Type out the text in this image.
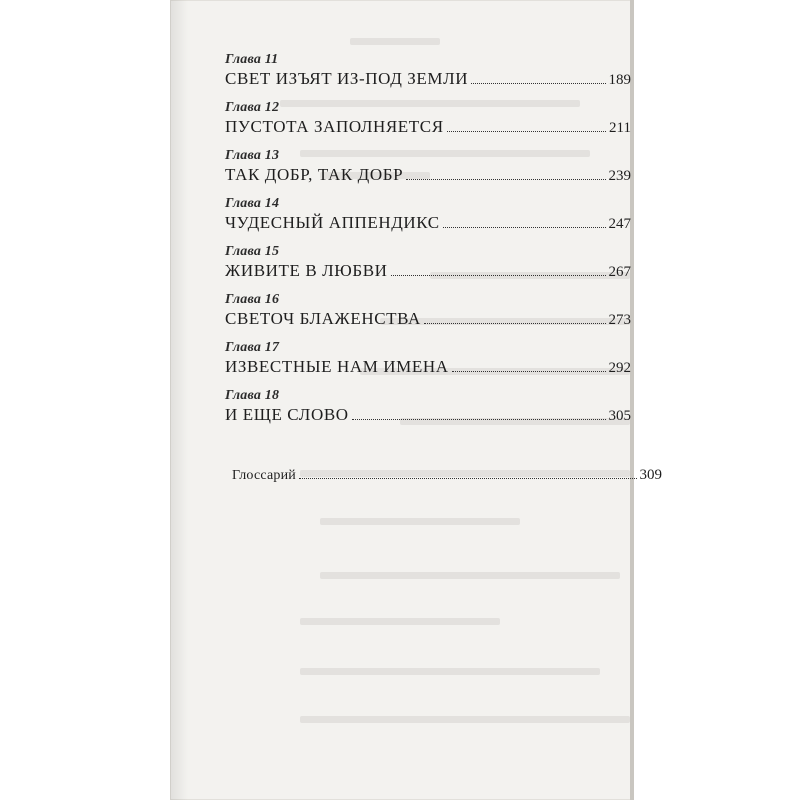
Глава 11
СВЕТ ИЗЪЯТ ИЗ-ПОД ЗЕМЛИ	189
Глава 12
ПУСТОТА ЗАПОЛНЯЕТСЯ	211
Глава 13
ТАК ДОБР, ТАК ДОБР	239
Глава 14
ЧУДЕСНЫЙ АППЕНДИКС	247
Глава 15
ЖИВИТЕ В ЛЮБВИ	267
Глава 16
СВЕТОЧ БЛАЖЕНСТВА	273
Глава 17
ИЗВЕСТНЫЕ НАМ ИМЕНА	292
Глава 18
И ЕЩЕ СЛОВО	305
Глоссарий	309
